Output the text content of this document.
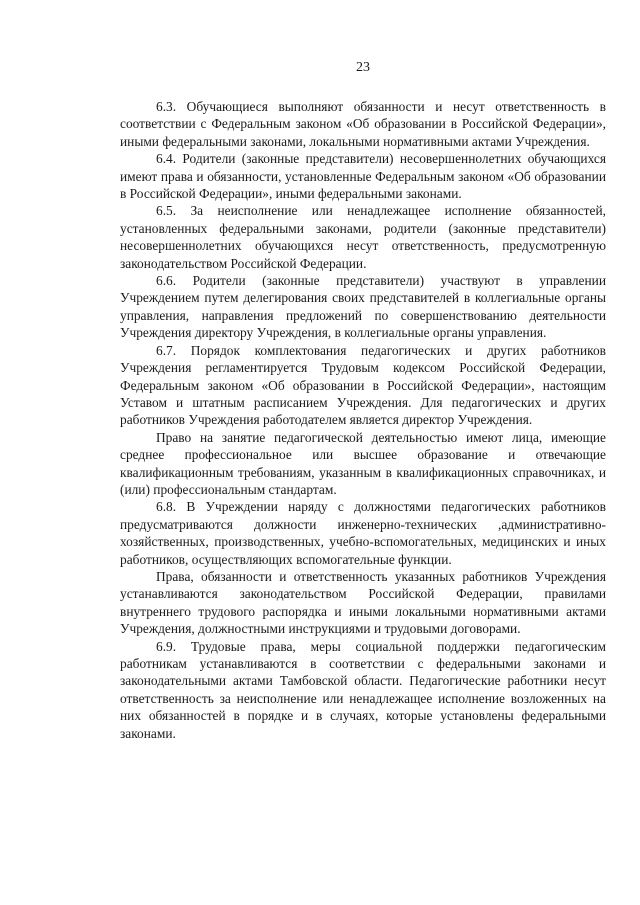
23

6.3. Обучающиеся выполняют обязанности и несут ответственность в соответствии с Федеральным законом «Об образовании в Российской Федерации», иными федеральными законами, локальными нормативными актами Учреждения.

6.4. Родители (законные представители) несовершеннолетних обучающихся имеют права и обязанности, установленные Федеральным законом «Об образовании в Российской Федерации», иными федеральными законами.

6.5. За неисполнение или ненадлежащее исполнение обязанностей, установленных федеральными законами, родители (законные представители) несовершеннолетних обучающихся несут ответственность, предусмотренную законодательством Российской Федерации.

6.6. Родители (законные представители) участвуют в управлении Учреждением путем делегирования своих представителей в коллегиальные органы управления, направления предложений по совершенствованию деятельности Учреждения директору Учреждения, в коллегиальные органы управления.

6.7. Порядок комплектования педагогических и других работников Учреждения регламентируется Трудовым кодексом Российской Федерации, Федеральным законом «Об образовании в Российской Федерации», настоящим Уставом и штатным расписанием Учреждения. Для педагогических и других работников Учреждения работодателем является директор Учреждения.

Право на занятие педагогической деятельностью имеют лица, имеющие среднее профессиональное или высшее образование и отвечающие квалификационным требованиям, указанным в квалификационных справочниках, и (или) профессиональным стандартам.

6.8. В Учреждении наряду с должностями педагогических работников предусматриваются должности инженерно-технических ,административно-хозяйственных, производственных, учебно-вспомогательных, медицинских и иных работников, осуществляющих вспомогательные функции.

Права, обязанности и ответственность указанных работников Учреждения устанавливаются законодательством Российской Федерации, правилами внутреннего трудового распорядка и иными локальными нормативными актами Учреждения, должностными инструкциями и трудовыми договорами.

6.9. Трудовые права, меры социальной поддержки педагогическим работникам устанавливаются в соответствии с федеральными законами и законодательными актами Тамбовской области. Педагогические работники несут ответственность за неисполнение или ненадлежащее исполнение возложенных на них обязанностей в порядке и в случаях, которые установлены федеральными законами.
